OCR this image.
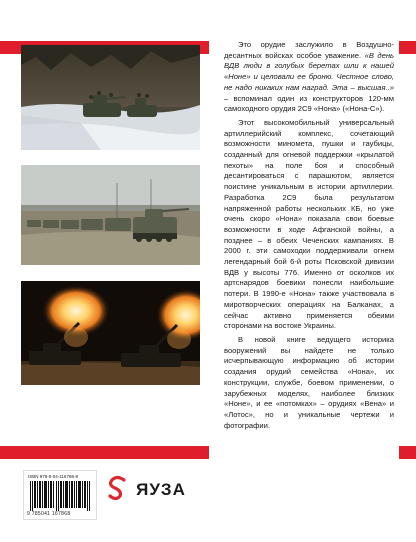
Это орудие заслужило в Воздушно-десантных войсках особое уважение. «В день ВДВ люди в голубых беретах шли к нашей «Ноне» и целовали ее броню. Честное слово, не надо никаких нам наград. Эта – высшая..» – вспоминал один из конструкторов 120-мм самоходного орудия 2С9 «Нона» («Нона-С»).

Этот высокомобильный универсальный артиллерийский комплекс, сочетающий возможности минометa, пушки и гаубицы, созданный для огневой поддержки «крылатой пехоты» на поле боя и способный десантироваться с парашютом, является поистине уникальным в истории артиллерии. Разработка 2С9 была результатом напряженной работы нескольких КБ, но уже очень скоро «Нона» показала свои боевые возможности в ходе Афганской войны, а позднее – в обеих Чеченских кампаниях. В 2000 г. эти самоходки поддерживали огнем легендарный бой 6-й роты Псковской дивизии ВДВ у высоты 776. Именно от осколков их артснарядов боевики понесли наибольшие потери. В 1990-е «Нона» также участвовала в миротворческих операциях на Балканах, а сейчас активно применяется обеими сторонами на востоке Украины.

В новой книге ведущего историка вооружений вы найдете не только исчерпывающую информацию об истории создания орудий семейства «Нона», их конструкции, службе, боевом применении, о зарубежных моделях, наиболее близких «Ноне», и ее «потомках» – орудиях «Вена» и «Лотос», но и уникальные чертежи и фотографии.

ISBN 978-5-04-116786-8
9 785041 167868
ЯУЗА
